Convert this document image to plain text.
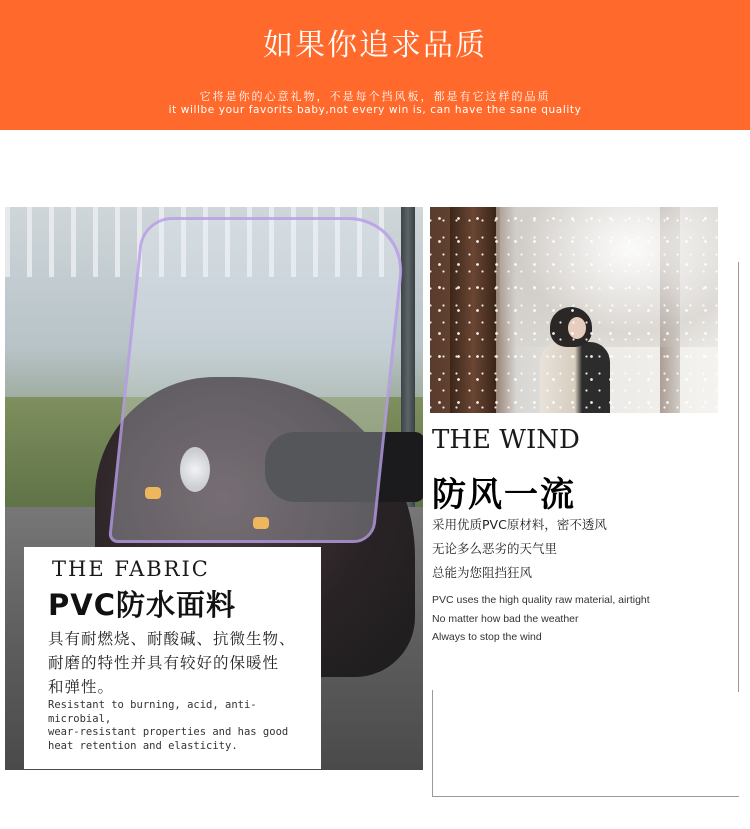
如果你追求品质
它将是你的心意礼物，不是每个挡风板，都是有它这样的品质
it willbe your favorits baby,not every win is, can have the sane quality
THE FABRIC
PVC防水面料
具有耐燃烧、耐酸碱、抗微生物、
耐磨的特性并具有较好的保暖性
和弹性。
Resistant to burning, acid, anti-microbial,
wear-resistant properties and has good
heat retention and elasticity.
THE WIND
防风一流
采用优质PVC原材料，密不透风
无论多么恶劣的天气里
总能为您阻挡狂风
PVC uses the high quality raw material, airtight
No matter how bad the weather
Always to stop the wind
